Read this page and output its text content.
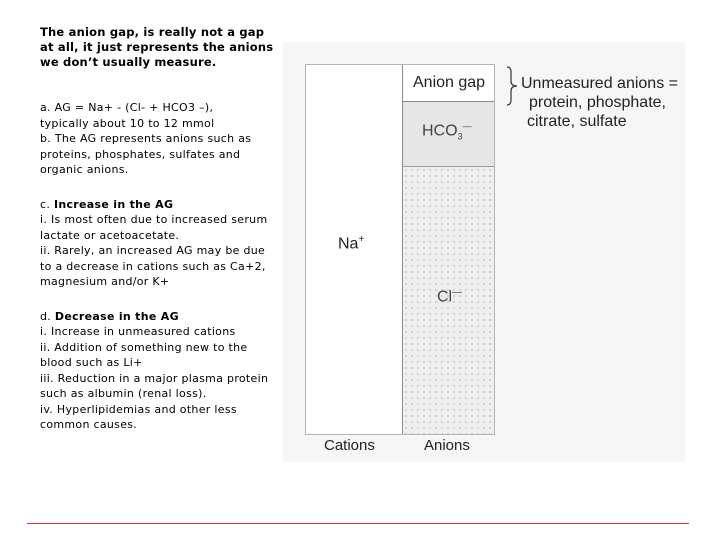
The anion gap, is really not a gap at all, it just represents the anions we don’t usually measure.
a. AG = Na+ - (Cl- + HCO3 –),
typically about 10 to 12 mmol
b. The AG represents anions such as proteins, phosphates, sulfates and organic anions.
c. Increase in the AG
i. Is most often due to increased serum lactate or acetoacetate.
ii. Rarely, an increased AG may be due to a decrease in cations such as Ca+2, magnesium and/or K+
d. Decrease in the AG
i. Increase in unmeasured cations
ii. Addition of something new to the blood such as Li+
iii. Reduction in a major plasma protein such as albumin (renal loss).
iv. Hyperlipidemias and other less common causes.
Anion gap
$HCO_3^—$
Na+
Cl—
Cations	Anions
Unmeasured anions =
protein, phosphate,
citrate, sulfate
